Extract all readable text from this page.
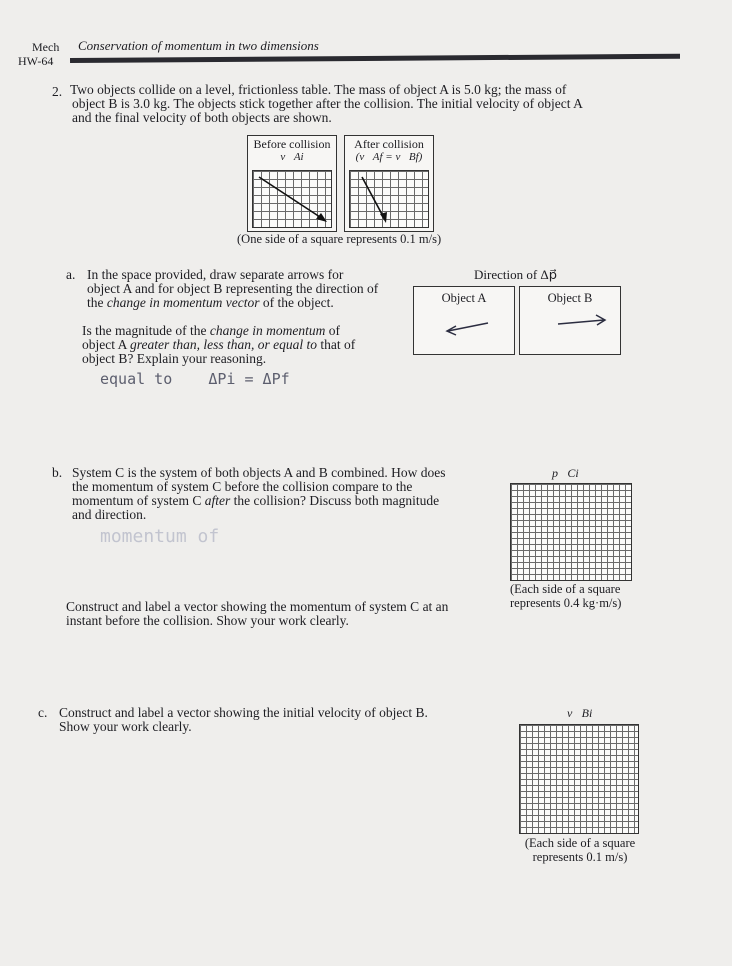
Mech
HW-64
Conservation of momentum in two dimensions
2. Two objects collide on a level, frictionless table. The mass of object A is 5.0 kg; the mass of
object B is 3.0 kg. The objects stick together after the collision. The initial velocity of object A
and the final velocity of both objects are shown.
Before collision
v⃗Ai
After collision
(v⃗Af = v⃗Bf)
(One side of a square represents 0.1 m/s)
a. In the space provided, draw separate arrows for
object A and for object B representing the direction of
the change in momentum vector of the object.
Is the magnitude of the change in momentum of
object A greater than, less than, or equal to that of
object B? Explain your reasoning.
equal to    ΔPi = ΔPf
Direction of Δp⃗
Object A	Object B
b. System C is the system of both objects A and B combined. How does
the momentum of system C before the collision compare to the
momentum of system C after the collision? Discuss both magnitude
and direction.
momentum of
p⃗Ci
(Each side of a square
represents 0.4 kg·m/s)
Construct and label a vector showing the momentum of system C at an
instant before the collision. Show your work clearly.
c. Construct and label a vector showing the initial velocity of object B.
Show your work clearly.
v⃗Bi
(Each side of a square
represents 0.1 m/s)
